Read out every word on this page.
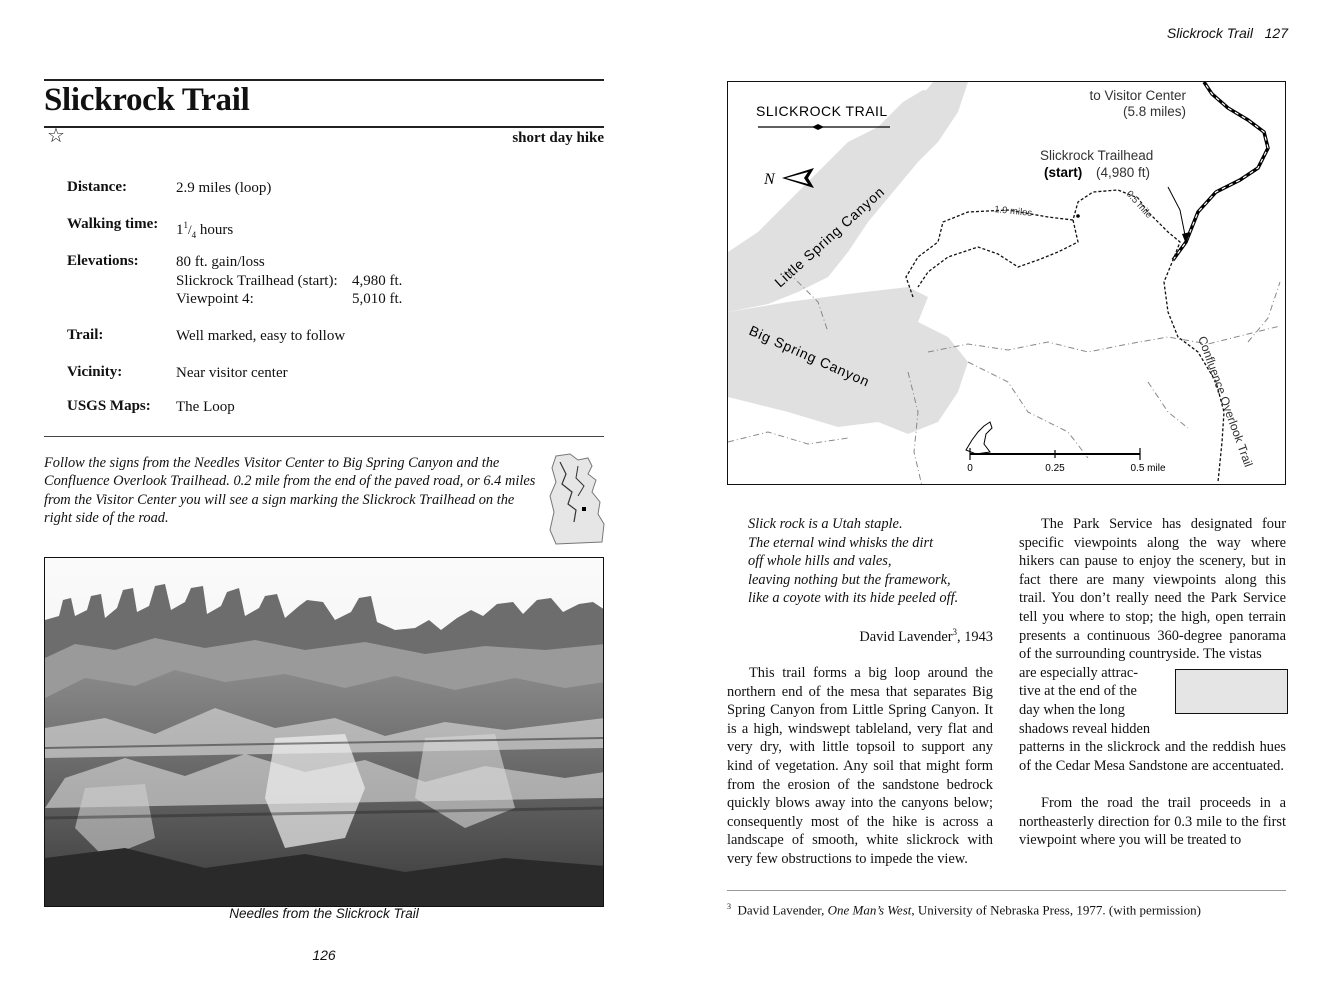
Slickrock Trail
☆	short day hike
Distance:	2.9 miles (loop)
Walking time: $1^1/_4$ hours
Elevations: 80 ft. gain/loss
Slickrock Trailhead (start): 4,980 ft.
Viewpoint 4:	5,010 ft.
Trail:	Well marked, easy to follow
Vicinity:	Near visitor center
USGS Maps: The Loop
Follow the signs from the Needles Visitor Center to Big Spring Canyon and the Confluence Overlook Trailhead. 0.2 mile from the end of the paved road, or 6.4 miles from the Visitor Center you will see a sign marking the Slickrock Trailhead on the right side of the road.
Needles from the Slickrock Trail
126
Slickrock Trail   127
SLICKROCK TRAIL
N
to Visitor Center
(5.8 miles)
Slickrock Trailhead
(start) (4,980 ft)
1.9 miles	0.5 mile
Little Spring Canyon
Big Spring Canyon	Confluence Overlook Trail
0	0.25	0.5 mile
Slick rock is a Utah staple.
The eternal wind whisks the dirt
off whole hills and vales,
leaving nothing but the framework,
like a coyote with its hide peeled off.
David Lavender$^3$, 1943

This trail forms a big loop around the northern end of the mesa that separates Big Spring Canyon from Little Spring Canyon. It is a high, windswept tableland, very flat and very dry, with little topsoil to support any kind of vegetation. Any soil that might form from the erosion of the sandstone bedrock quickly blows away into the canyons below; consequently most of the hike is across a landscape of smooth, white slickrock with very few obstructions to impede the view.

The Park Service has designated four specific viewpoints along the way where hikers can pause to enjoy the scenery, but in fact there are many viewpoints along this trail. You don’t really need the Park Service tell you where to stop; the high, open terrain presents a continuous 360-degree panorama of the surrounding countryside. The vistas

are especially attrac-
tive at the end of the
day when the long
shadows reveal hidden
patterns in the slickrock and the reddish hues of the Cedar Mesa Sandstone are accentuated.

From the road the trail proceeds in a northeasterly direction for 0.3 mile to the first viewpoint where you will be treated to

$^3$ David Lavender, One Man’s West, University of Nebraska Press, 1977. (with permission)
